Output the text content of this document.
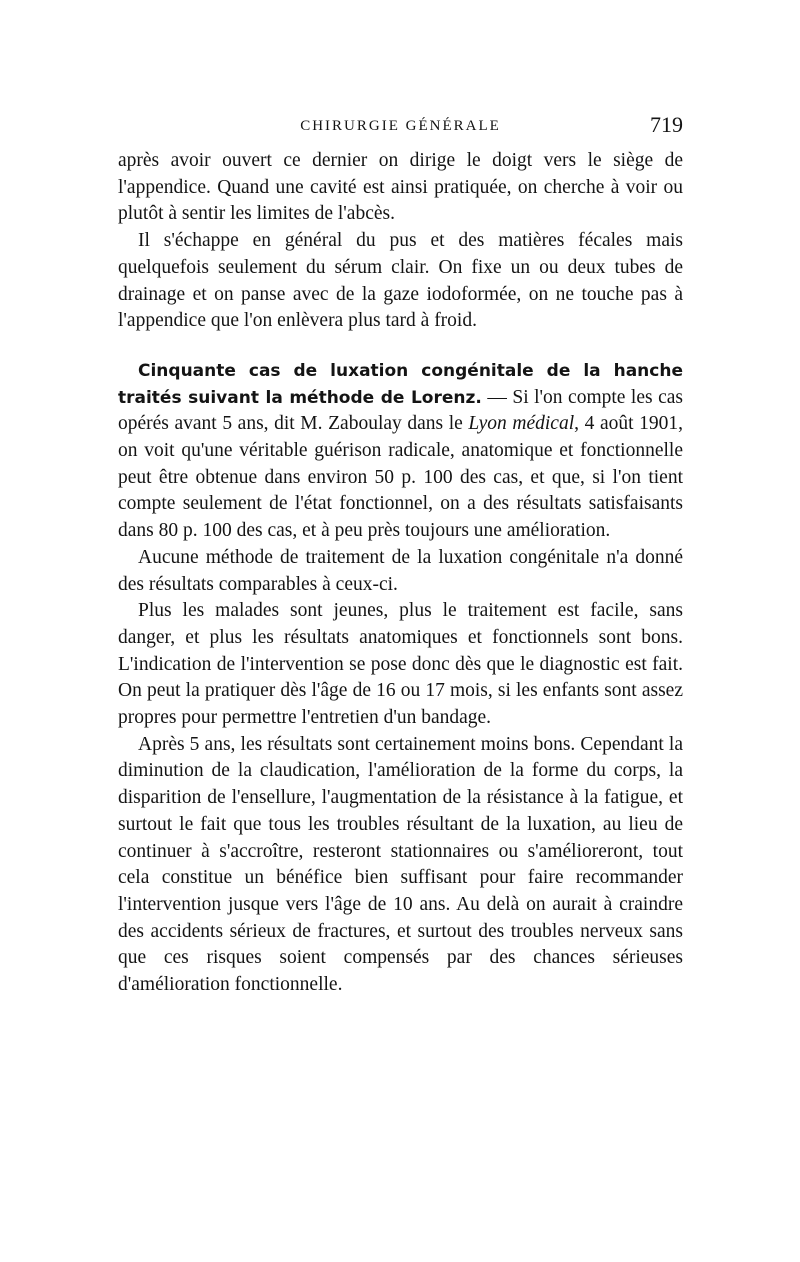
CHIRURGIE GÉNÉRALE	719

après avoir ouvert ce dernier on dirige le doigt vers le siège de l'appendice. Quand une cavité est ainsi pratiquée, on cherche à voir ou plutôt à sentir les limites de l'abcès.

Il s'échappe en général du pus et des matières fécales mais quelquefois seulement du sérum clair. On fixe un ou deux tubes de drainage et on panse avec de la gaze iodoformée, on ne touche pas à l'appendice que l'on enlèvera plus tard à froid.

Cinquante cas de luxation congénitale de la hanche traités suivant la méthode de Lorenz. — Si l'on compte les cas opérés avant 5 ans, dit M. Zaboulay dans le Lyon médical, 4 août 1901, on voit qu'une véritable guérison radicale, anatomique et fonctionnelle peut être obtenue dans environ 50 p. 100 des cas, et que, si l'on tient compte seulement de l'état fonctionnel, on a des résultats satisfaisants dans 80 p. 100 des cas, et à peu près toujours une amélioration.

Aucune méthode de traitement de la luxation congénitale n'a donné des résultats comparables à ceux-ci.

Plus les malades sont jeunes, plus le traitement est facile, sans danger, et plus les résultats anatomiques et fonctionnels sont bons. L'indication de l'intervention se pose donc dès que le diagnostic est fait. On peut la pratiquer dès l'âge de 16 ou 17 mois, si les enfants sont assez propres pour permettre l'entretien d'un bandage.

Après 5 ans, les résultats sont certainement moins bons. Cependant la diminution de la claudication, l'amélioration de la forme du corps, la disparition de l'ensellure, l'augmentation de la résistance à la fatigue, et surtout le fait que tous les troubles résultant de la luxation, au lieu de continuer à s'accroître, resteront stationnaires ou s'amélioreront, tout cela constitue un bénéfice bien suffisant pour faire recommander l'intervention jusque vers l'âge de 10 ans. Au delà on aurait à craindre des accidents sérieux de fractures, et surtout des troubles nerveux sans que ces risques soient compensés par des chances sérieuses d'amélioration fonctionnelle.
